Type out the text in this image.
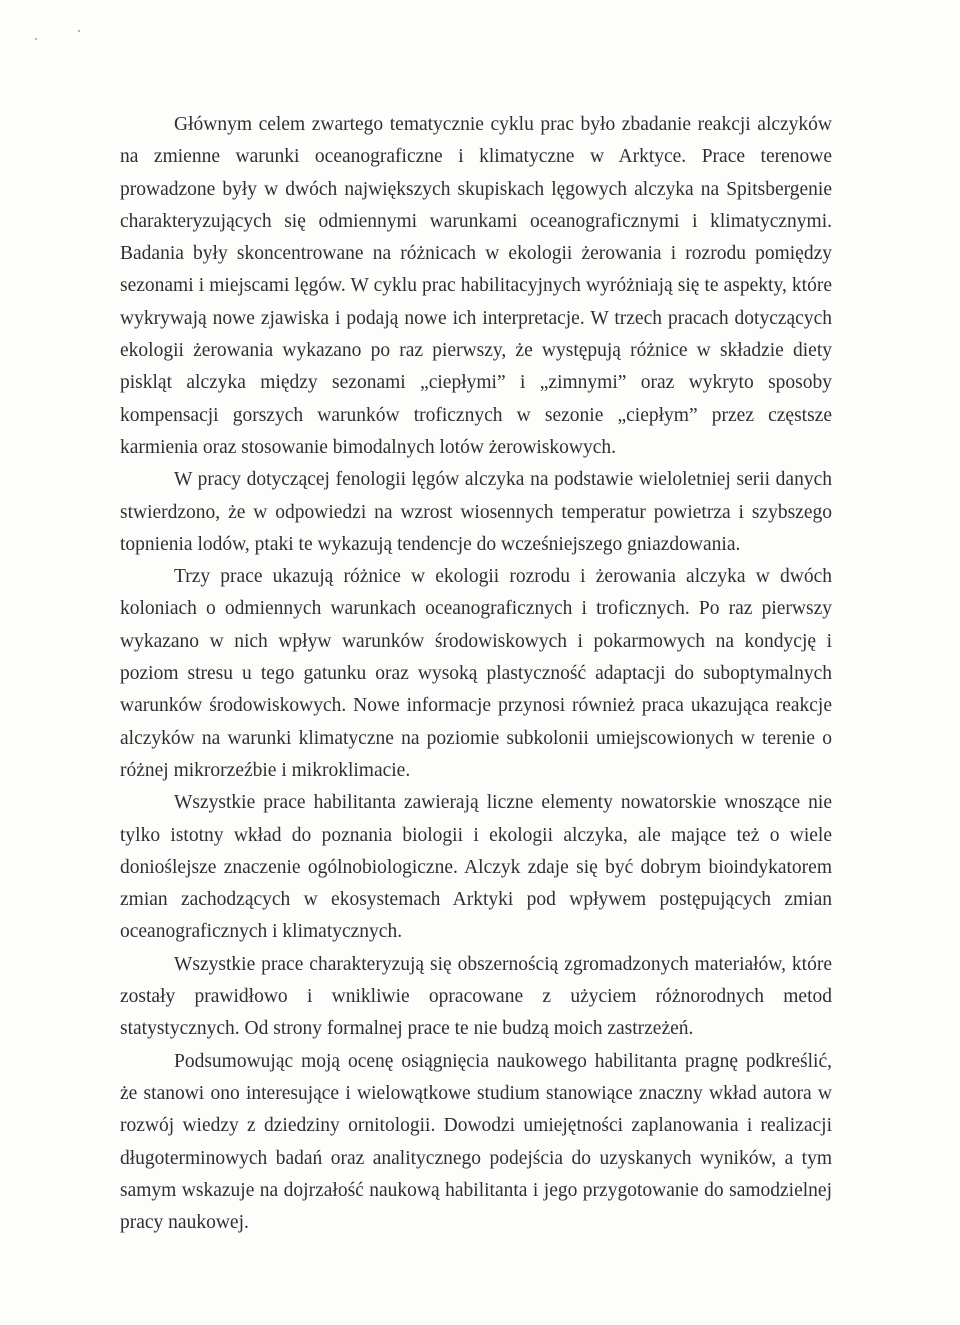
Głównym celem zwartego tematycznie cyklu prac było zbadanie reakcji alczyków na zmienne warunki oceanograficzne i klimatyczne w Arktyce. Prace terenowe prowadzone były w dwóch największych skupiskach lęgowych alczyka na Spitsbergenie charakteryzujących się odmiennymi warunkami oceanograficznymi i klimatycznymi. Badania były skoncentrowane na różnicach w ekologii żerowania i rozrodu pomiędzy sezonami i miejscami lęgów. W cyklu prac habilitacyjnych wyróżniają się te aspekty, które wykrywają nowe zjawiska i podają nowe ich interpretacje. W trzech pracach dotyczących ekologii żerowania wykazano po raz pierwszy, że występują różnice w składzie diety piskląt alczyka między sezonami „ciepłymi” i „zimnymi” oraz wykryto sposoby kompensacji gorszych warunków troficznych w sezonie „ciepłym” przez częstsze karmienia oraz stosowanie bimodalnych lotów żerowiskowych.

W pracy dotyczącej fenologii lęgów alczyka na podstawie wieloletniej serii danych stwierdzono, że w odpowiedzi na wzrost wiosennych temperatur powietrza i szybszego topnienia lodów, ptaki te wykazują tendencje do wcześniejszego gniazdowania.

Trzy prace ukazują różnice w ekologii rozrodu i żerowania alczyka w dwóch koloniach o odmiennych warunkach oceanograficznych i troficznych. Po raz pierwszy wykazano w nich wpływ warunków środowiskowych i pokarmowych na kondycję i poziom stresu u tego gatunku oraz wysoką plastyczność adaptacji do suboptymalnych warunków środowiskowych. Nowe informacje przynosi również praca ukazująca reakcje alczyków na warunki klimatyczne na poziomie subkolonii umiejscowionych w terenie o różnej mikrorzeźbie i mikroklimacie.

Wszystkie prace habilitanta zawierają liczne elementy nowatorskie wnoszące nie tylko istotny wkład do poznania biologii i ekologii alczyka, ale mające też o wiele donioślejsze znaczenie ogólnobiologiczne. Alczyk zdaje się być dobrym bioindykatorem zmian zachodzących w ekosystemach Arktyki pod wpływem postępujących zmian oceanograficznych i klimatycznych.

Wszystkie prace charakteryzują się obszernością zgromadzonych materiałów, które zostały prawidłowo i wnikliwie opracowane z użyciem różnorodnych metod statystycznych. Od strony formalnej prace te nie budzą moich zastrzeżeń.

Podsumowując moją ocenę osiągnięcia naukowego habilitanta pragnę podkreślić, że stanowi ono interesujące i wielowątkowe studium stanowiące znaczny wkład autora w rozwój wiedzy z dziedziny ornitologii. Dowodzi umiejętności zaplanowania i realizacji długoterminowych badań oraz analitycznego podejścia do uzyskanych wyników, a tym samym wskazuje na dojrzałość naukową habilitanta i jego przygotowanie do samodzielnej pracy naukowej.
